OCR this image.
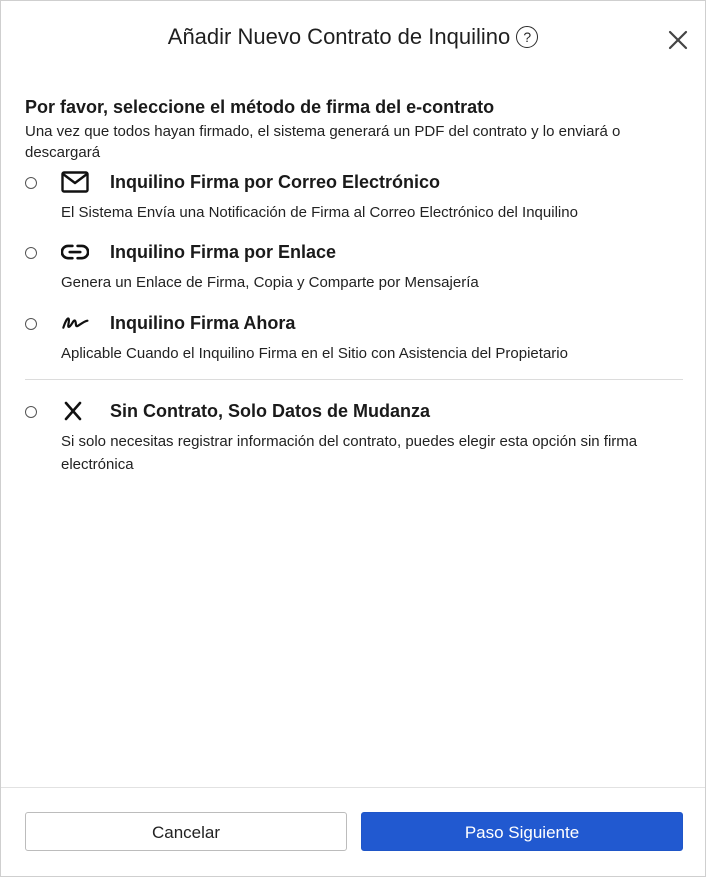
Añadir Nuevo Contrato de Inquilino ?
Por favor, seleccione el método de firma del e-contrato
Una vez que todos hayan firmado, el sistema generará un PDF del contrato y lo enviará o descargará
Inquilino Firma por Correo Electrónico
El Sistema Envía una Notificación de Firma al Correo Electrónico del Inquilino
Inquilino Firma por Enlace
Genera un Enlace de Firma, Copia y Comparte por Mensajería
Inquilino Firma Ahora
Aplicable Cuando el Inquilino Firma en el Sitio con Asistencia del Propietario
Sin Contrato, Solo Datos de Mudanza
Si solo necesitas registrar información del contrato, puedes elegir esta opción sin firma electrónica
Cancelar	Paso Siguiente
